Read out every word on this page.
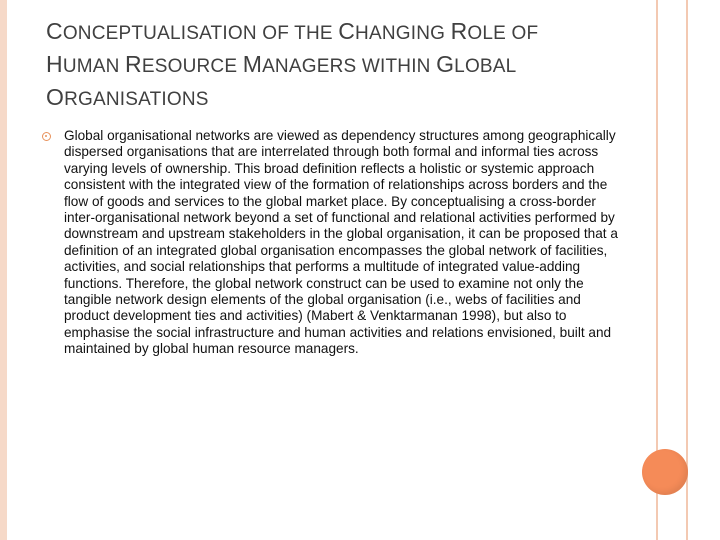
CONCEPTUALISATION OF THE CHANGING ROLE OF
HUMAN RESOURCE MANAGERS WITHIN GLOBAL
ORGANISATIONS

Global organisational networks are viewed as dependency structures among geographically dispersed organisations that are interrelated through both formal and informal ties across varying levels of ownership. This broad definition reflects a holistic or systemic approach consistent with the integrated view of the formation of relationships across borders and the flow of goods and services to the global market place. By conceptualising a cross-border inter-organisational network beyond a set of functional and relational activities performed by downstream and upstream stakeholders in the global organisation, it can be proposed that a definition of an integrated global organisation encompasses the global network of facilities, activities, and social relationships that performs a multitude of integrated value-adding functions. Therefore, the global network construct can be used to examine not only the tangible network design elements of the global organisation (i.e., webs of facilities and product development ties and activities) (Mabert & Venktarmanan 1998), but also to emphasise the social infrastructure and human activities and relations envisioned, built and maintained by global human resource managers.
